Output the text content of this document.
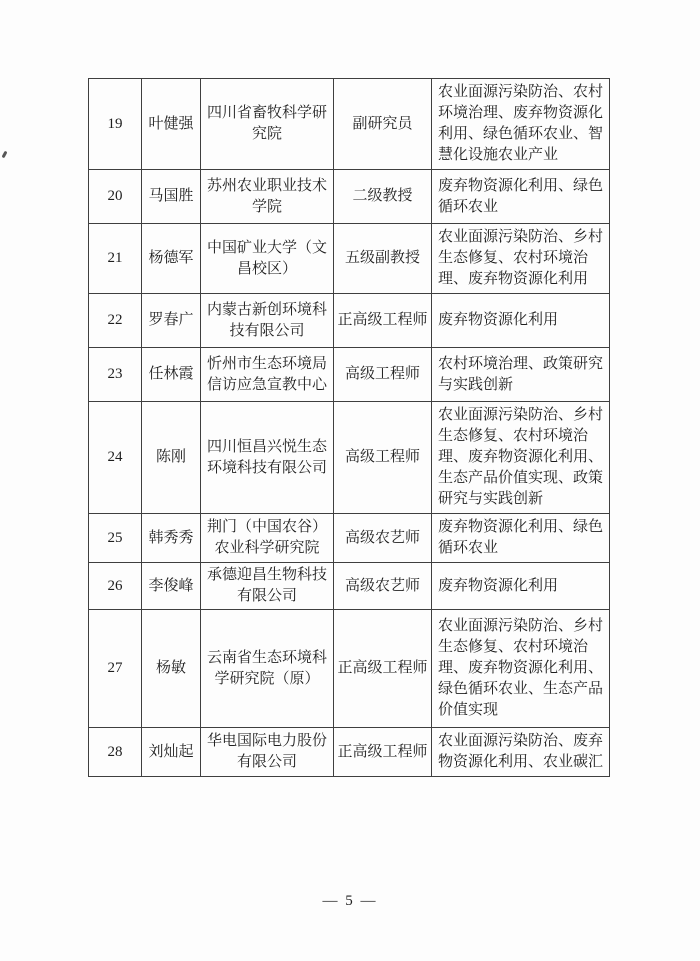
19	叶健强	四川省畜牧科学研究院	副研究员	农业面源污染防治、农村环境治理、废弃物资源化利用、绿色循环农业、智慧化设施农业产业
20	马国胜	苏州农业职业技术学院	二级教授	废弃物资源化利用、绿色循环农业
21	杨德军	中国矿业大学（文昌校区）	五级副教授	农业面源污染防治、乡村生态修复、农村环境治理、废弃物资源化利用
22	罗春广	内蒙古新创环境科技有限公司	正高级工程师	废弃物资源化利用
23	任林霞	忻州市生态环境局信访应急宣教中心	高级工程师	农村环境治理、政策研究与实践创新
24	陈刚	四川恒昌兴悦生态环境科技有限公司	高级工程师	农业面源污染防治、乡村生态修复、农村环境治理、废弃物资源化利用、生态产品价值实现、政策研究与实践创新
25	韩秀秀	荆门（中国农谷）农业科学研究院	高级农艺师	废弃物资源化利用、绿色循环农业
26	李俊峰	承德迎昌生物科技有限公司	高级农艺师	废弃物资源化利用
27	杨敏	云南省生态环境科学研究院（原）	正高级工程师	农业面源污染防治、乡村生态修复、农村环境治理、废弃物资源化利用、绿色循环农业、生态产品价值实现
28	刘灿起	华电国际电力股份有限公司	正高级工程师	农业面源污染防治、废弃物资源化利用、农业碳汇
— 5 —
